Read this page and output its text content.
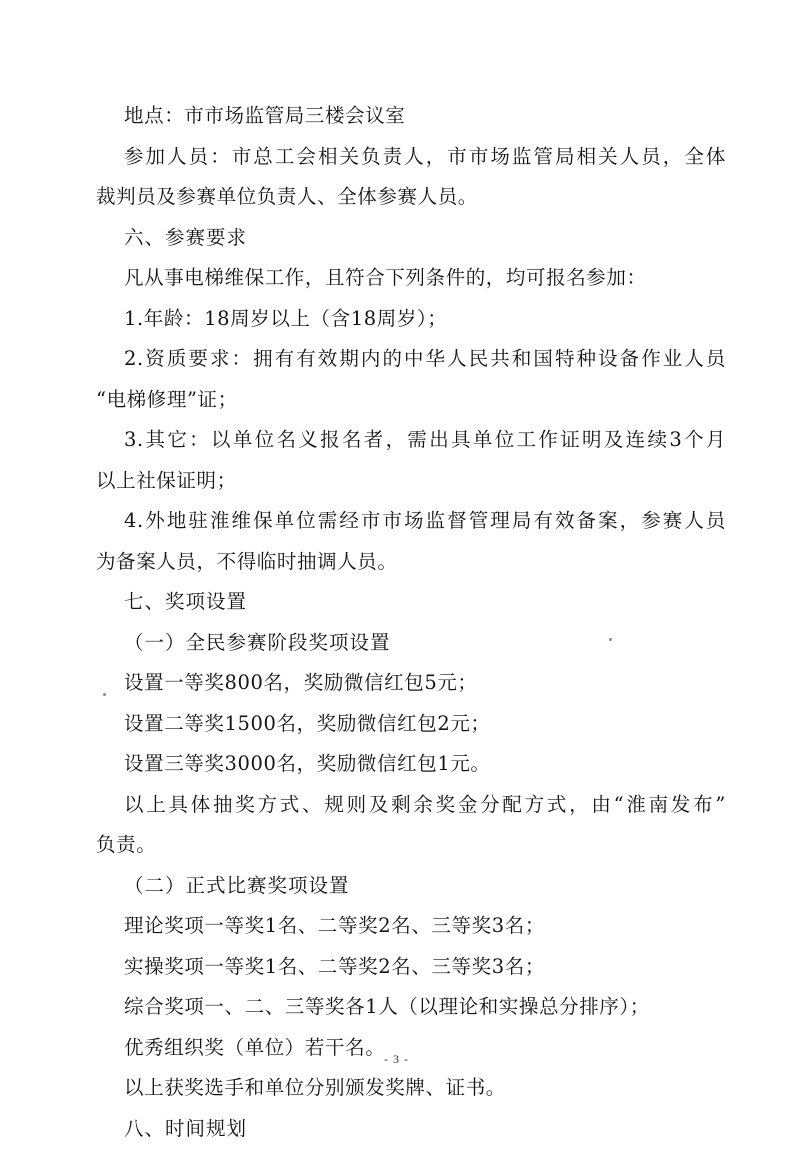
地点：市市场监管局三楼会议室

参加人员：市总工会相关负责人，市市场监管局相关人员，全体

裁判员及参赛单位负责人、全体参赛人员。

六、参赛要求

凡从事电梯维保工作，且符合下列条件的，均可报名参加：

1.年龄：18周岁以上（含18周岁）；

2.资质要求：拥有有效期内的中华人民共和国特种设备作业人员

“电梯修理”证；

3.其它：以单位名义报名者，需出具单位工作证明及连续3个月

以上社保证明；

4.外地驻淮维保单位需经市市场监督管理局有效备案，参赛人员

为备案人员，不得临时抽调人员。

七、奖项设置

（一）全民参赛阶段奖项设置

设置一等奖800名，奖励微信红包5元；

设置二等奖1500名，奖励微信红包2元；

设置三等奖3000名，奖励微信红包1元。

以上具体抽奖方式、规则及剩余奖金分配方式，由“淮南发布”

负责。

（二）正式比赛奖项设置

理论奖项一等奖1名、二等奖2名、三等奖3名；

实操奖项一等奖1名、二等奖2名、三等奖3名；

综合奖项一、二、三等奖各1人（以理论和实操总分排序）；

优秀组织奖（单位）若干名。

以上获奖选手和单位分别颁发奖牌、证书。

八、时间规划

- 3 -
